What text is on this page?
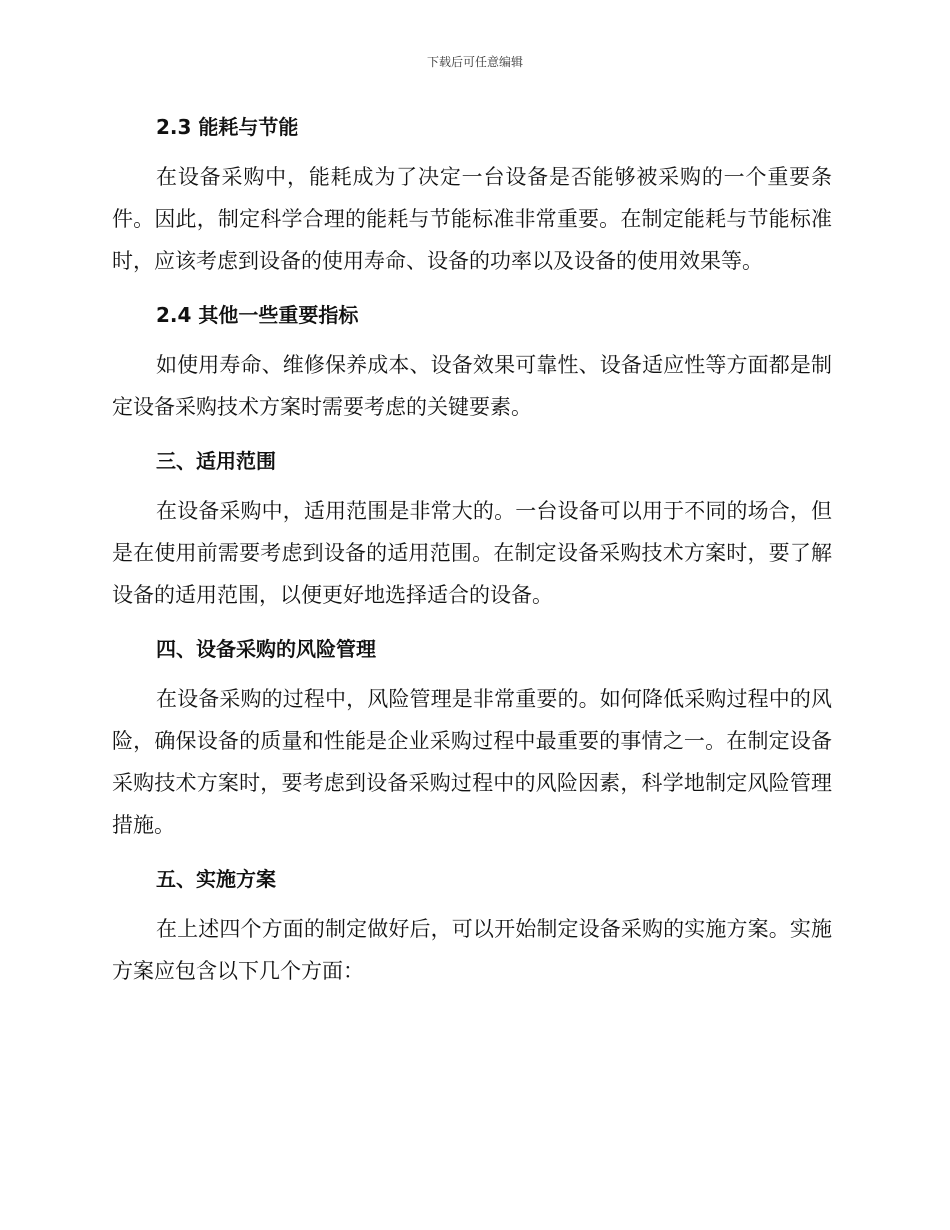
下载后可任意编辑
2.3 能耗与节能

在设备采购中，能耗成为了决定一台设备是否能够被采购的一个重要条件。因此，制定科学合理的能耗与节能标准非常重要。在制定能耗与节能标准时，应该考虑到设备的使用寿命、设备的功率以及设备的使用效果等。

2.4 其他一些重要指标

如使用寿命、维修保养成本、设备效果可靠性、设备适应性等方面都是制定设备采购技术方案时需要考虑的关键要素。

三、适用范围

在设备采购中，适用范围是非常大的。一台设备可以用于不同的场合，但是在使用前需要考虑到设备的适用范围。在制定设备采购技术方案时，要了解设备的适用范围，以便更好地选择适合的设备。

四、设备采购的风险管理

在设备采购的过程中，风险管理是非常重要的。如何降低采购过程中的风险，确保设备的质量和性能是企业采购过程中最重要的事情之一。在制定设备采购技术方案时，要考虑到设备采购过程中的风险因素，科学地制定风险管理措施。

五、实施方案

在上述四个方面的制定做好后，可以开始制定设备采购的实施方案。实施方案应包含以下几个方面：
